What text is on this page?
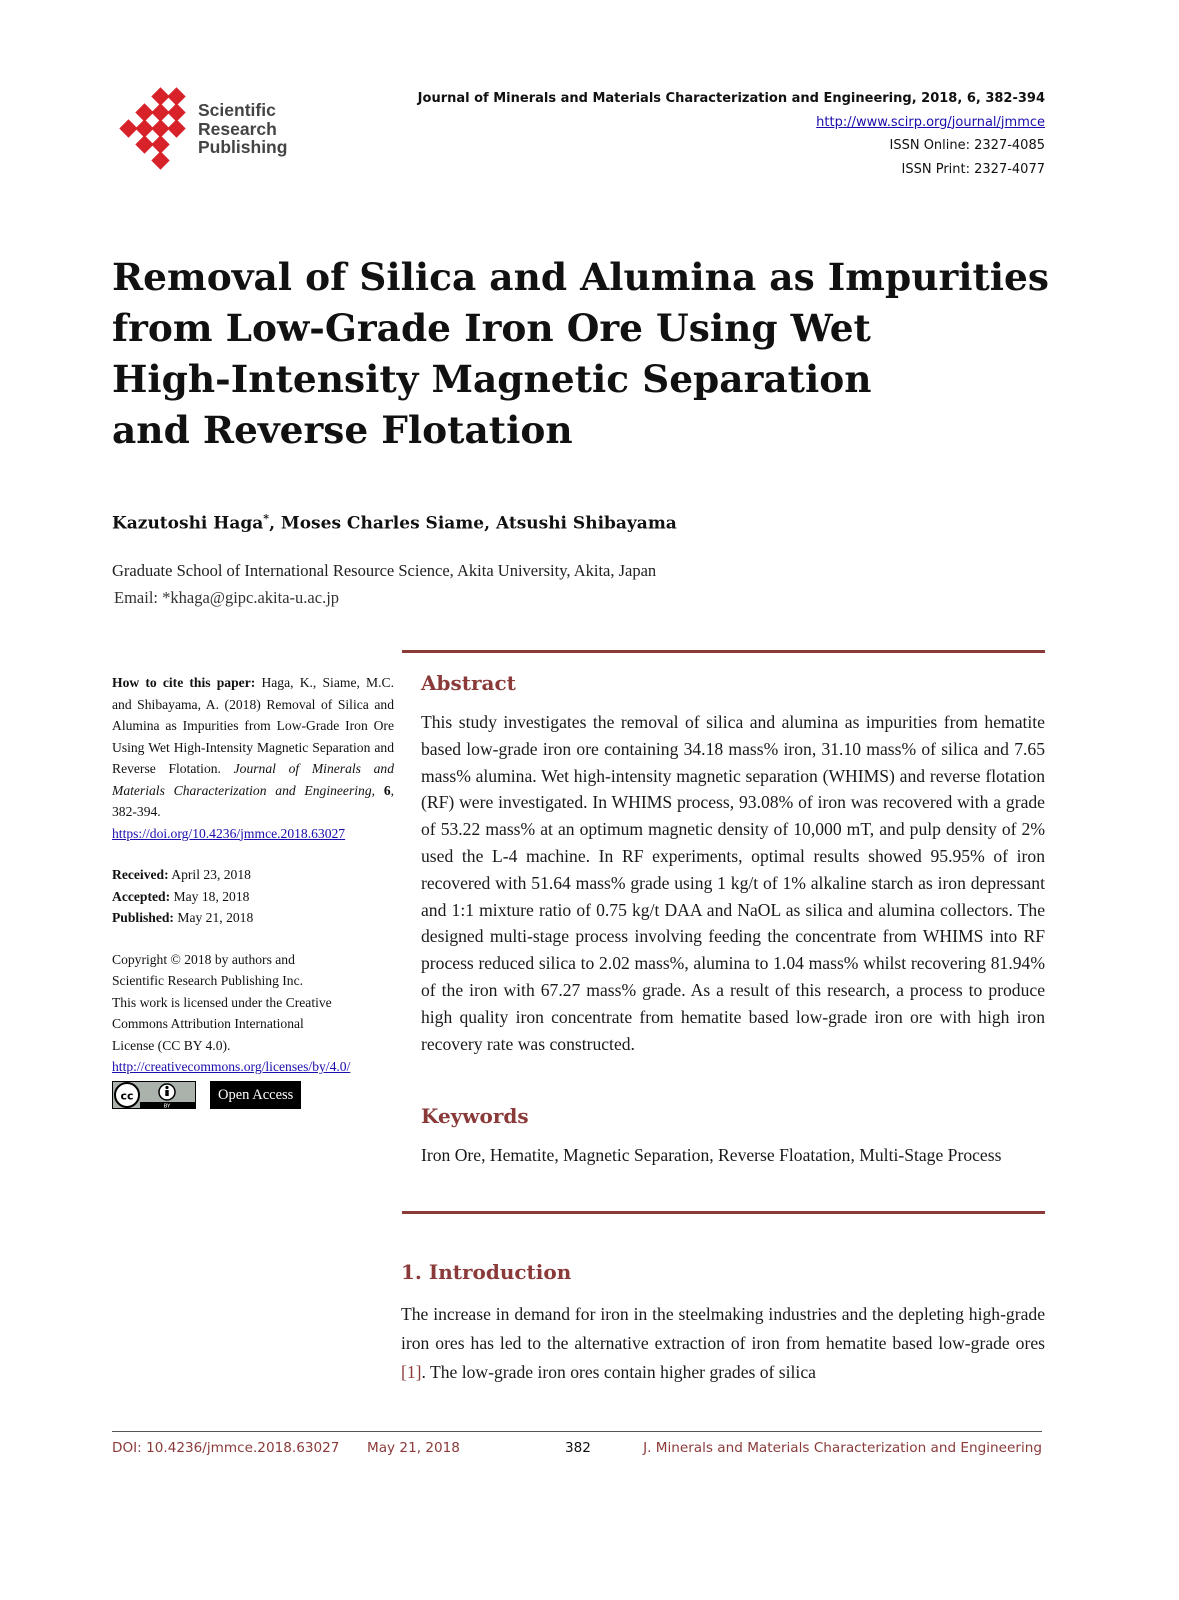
Scientific
Research
Publishing
Journal of Minerals and Materials Characterization and Engineering, 2018, 6, 382-394
http://www.scirp.org/journal/jmmce
ISSN Online: 2327-4085
ISSN Print: 2327-4077
Removal of Silica and Alumina as Impurities
from Low-Grade Iron Ore Using Wet
High-Intensity Magnetic Separation
and Reverse Flotation
Kazutoshi Haga*, Moses Charles Siame, Atsushi Shibayama
Graduate School of International Resource Science, Akita University, Akita, Japan
Email: *khaga@gipc.akita-u.ac.jp
How to cite this paper: Haga, K., Siame, M.C. and Shibayama, A. (2018) Removal of Silica and Alumina as Impurities from Low-Grade Iron Ore Using Wet High-Intensity Magnetic Separation and Reverse Flotation. Journal of Minerals and Materials Characterization and Engineering, 6, 382-394.
https://doi.org/10.4236/jmmce.2018.63027
Received: April 23, 2018
Accepted: May 18, 2018
Published: May 21, 2018
Copyright © 2018 by authors and
Scientific Research Publishing Inc.
This work is licensed under the Creative
Commons Attribution International
License (CC BY 4.0).
http://creativecommons.org/licenses/by/4.0/
cc
BY
Open Access
Abstract

This study investigates the removal of silica and alumina as impurities from hematite based low-grade iron ore containing 34.18 mass% iron, 31.10 mass% of silica and 7.65 mass% alumina. Wet high-intensity magnetic separation (WHIMS) and reverse flotation (RF) were investigated. In WHIMS process, 93.08% of iron was recovered with a grade of 53.22 mass% at an optimum magnetic density of 10,000 mT, and pulp density of 2% used the L-4 machine. In RF experiments, optimal results showed 95.95% of iron recovered with 51.64 mass% grade using 1 kg/t of 1% alkaline starch as iron depressant and 1:1 mixture ratio of 0.75 kg/t DAA and NaOL as silica and alumina collectors. The designed multi-stage process involving feeding the concentrate from WHIMS into RF process reduced silica to 2.02 mass%, alumina to 1.04 mass% whilst recovering 81.94% of the iron with 67.27 mass% grade. As a result of this research, a process to produce high quality iron concentrate from hematite based low-grade iron ore with high iron recovery rate was constructed.

Keywords

Iron Ore, Hematite, Magnetic Separation, Reverse Floatation, Multi-Stage Process

1. Introduction

The increase in demand for iron in the steelmaking industries and the depleting high-grade iron ores has led to the alternative extraction of iron from hematite based low-grade ores [1]. The low-grade iron ores contain higher grades of silica

DOI: 10.4236/jmmce.2018.63027 May 21, 2018	382	J. Minerals and Materials Characterization and Engineering
